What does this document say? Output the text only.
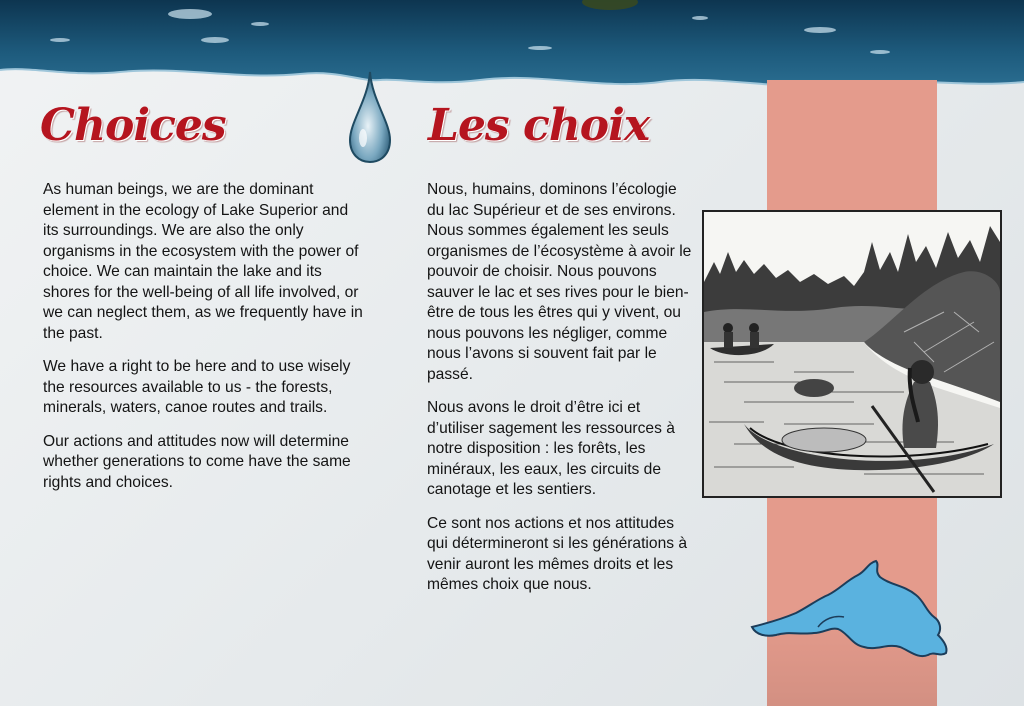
Choices	Les choix

As human beings, we are the dominant element in the ecology of Lake Superior and its surroundings. We are also the only organisms in the ecosystem with the power of choice. We can maintain the lake and its shores for the well-being of all life involved, or we can neglect them, as we frequently have in the past.

We have a right to be here and to use wisely the resources available to us - the forests, minerals, waters, canoe routes and trails.

Our actions and attitudes now will determine whether generations to come have the same rights and choices.

Nous, humains, dominons l’écologie du lac Supérieur et de ses environs. Nous sommes également les seuls organismes de l’écosystème à avoir le pouvoir de choisir. Nous pouvons sauver le lac et ses rives pour le bien-être de tous les êtres qui y vivent, ou nous pouvons les négliger, comme nous l’avons si souvent fait par le passé.

Nous avons le droit d’être ici et d’utiliser sagement les ressources à notre disposition : les forêts, les minéraux, les eaux, les circuits de canotage et les sentiers.

Ce sont nos actions et nos attitudes qui détermineront si les générations à venir auront les mêmes droits et les mêmes choix que nous.
